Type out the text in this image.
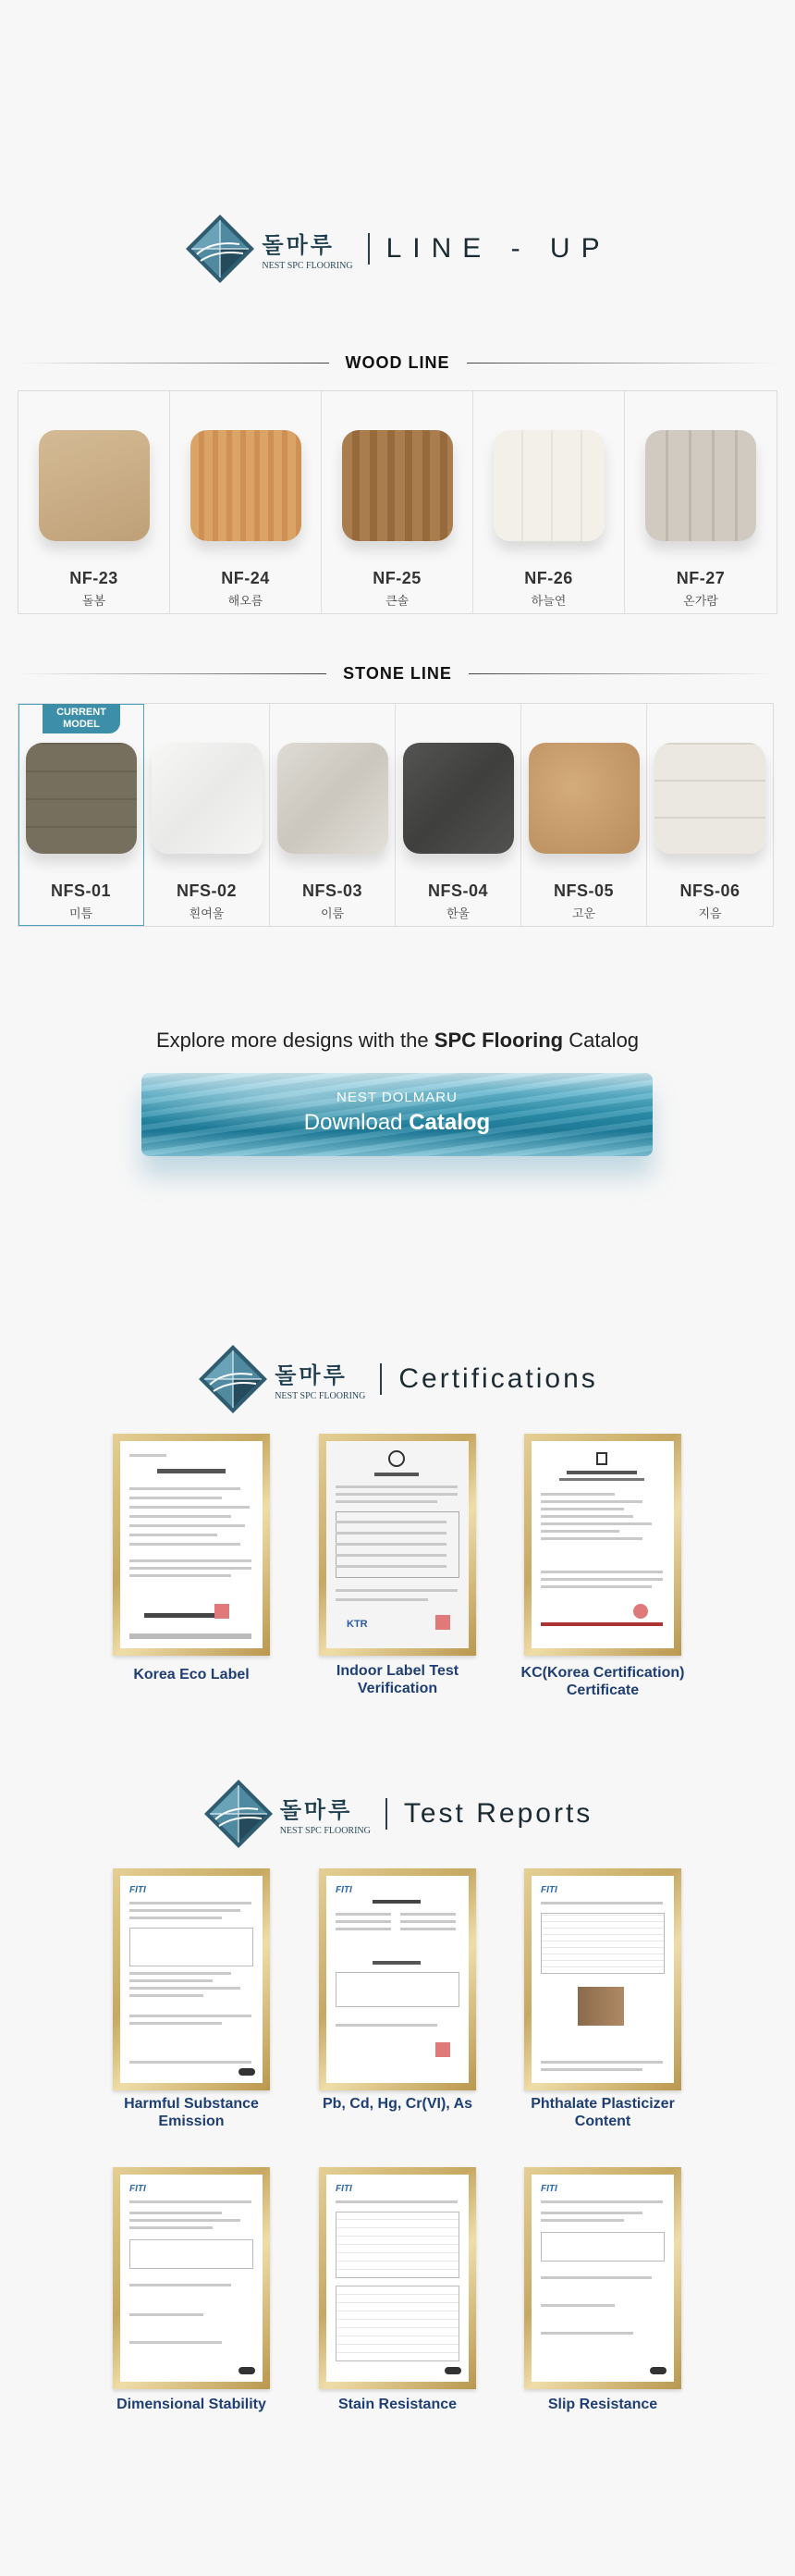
돌마루
NEST SPC FLOORING
LINE - UP
WOOD LINE
NF-23
돌봄
NF-24
해오름
NF-25
큰솔
NF-26
하늘연
NF-27
온가람
STONE LINE
CURRENT MODEL
NFS-01
미틈
NFS-02
흰여울
NFS-03
이룸
NFS-04
한울
NFS-05
고운
NFS-06
지음
Explore more designs with the SPC Flooring Catalog
NEST DOLMARU
Download Catalog
돌마루
NEST SPC FLOORING
Certifications
Korea Eco Label
KTR
Indoor Label Test Verification
KC(Korea Certification) Certificate
돌마루
NEST SPC FLOORING
Test Reports
FITI
Harmful Substance Emission
FITI
Pb, Cd, Hg, Cr(VI), As
FITI
Phthalate Plasticizer Content
FITI
Dimensional Stability
FITI
Stain Resistance
FITI
Slip Resistance
